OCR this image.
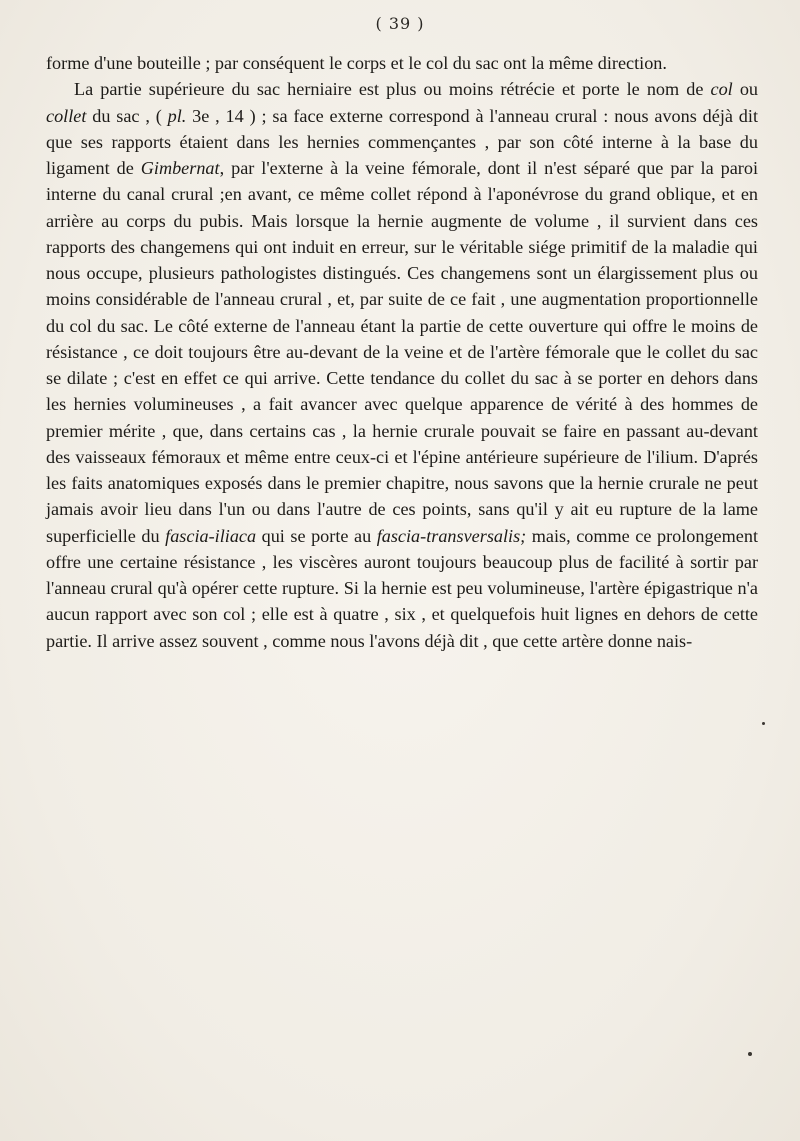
( 39 )

forme d'une bouteille ; par conséquent le corps et le col du sac ont la même direction.

La partie supérieure du sac herniaire est plus ou moins rétrécie et porte le nom de col ou collet du sac , ( pl. 3e , 14 ) ; sa face externe correspond à l'anneau crural : nous avons déjà dit que ses rapports étaient dans les hernies commençantes , par son côté interne à la base du ligament de Gimbernat, par l'externe à la veine fémorale, dont il n'est séparé que par la paroi interne du canal crural ;en avant, ce même collet répond à l'aponévrose du grand oblique, et en arrière au corps du pubis. Mais lorsque la hernie augmente de volume , il survient dans ces rapports des changemens qui ont induit en erreur, sur le véritable siége primitif de la maladie qui nous occupe, plusieurs pathologistes distingués. Ces changemens sont un élargissement plus ou moins considérable de l'anneau crural , et, par suite de ce fait , une augmentation proportionnelle du col du sac. Le côté externe de l'anneau étant la partie de cette ouverture qui offre le moins de résistance , ce doit toujours être au-devant de la veine et de l'artère fémorale que le collet du sac se dilate ; c'est en effet ce qui arrive. Cette tendance du collet du sac à se porter en dehors dans les hernies volumineuses , a fait avancer avec quelque apparence de vérité à des hommes de premier mérite , que, dans certains cas , la hernie crurale pouvait se faire en passant au-devant des vaisseaux fémoraux et même entre ceux-ci et l'épine antérieure supérieure de l'ilium. D'aprés les faits anatomiques exposés dans le premier chapitre, nous savons que la hernie crurale ne peut jamais avoir lieu dans l'un ou dans l'autre de ces points, sans qu'il y ait eu rupture de la lame superficielle du fascia-iliaca qui se porte au fascia-transversalis; mais, comme ce prolongement offre une certaine résistance , les viscères auront toujours beaucoup plus de facilité à sortir par l'anneau crural qu'à opérer cette rupture. Si la hernie est peu volumineuse, l'artère épigastrique n'a aucun rapport avec son col ; elle est à quatre , six , et quelquefois huit lignes en dehors de cette partie. Il arrive assez souvent , comme nous l'avons déjà dit , que cette artère donne nais-
